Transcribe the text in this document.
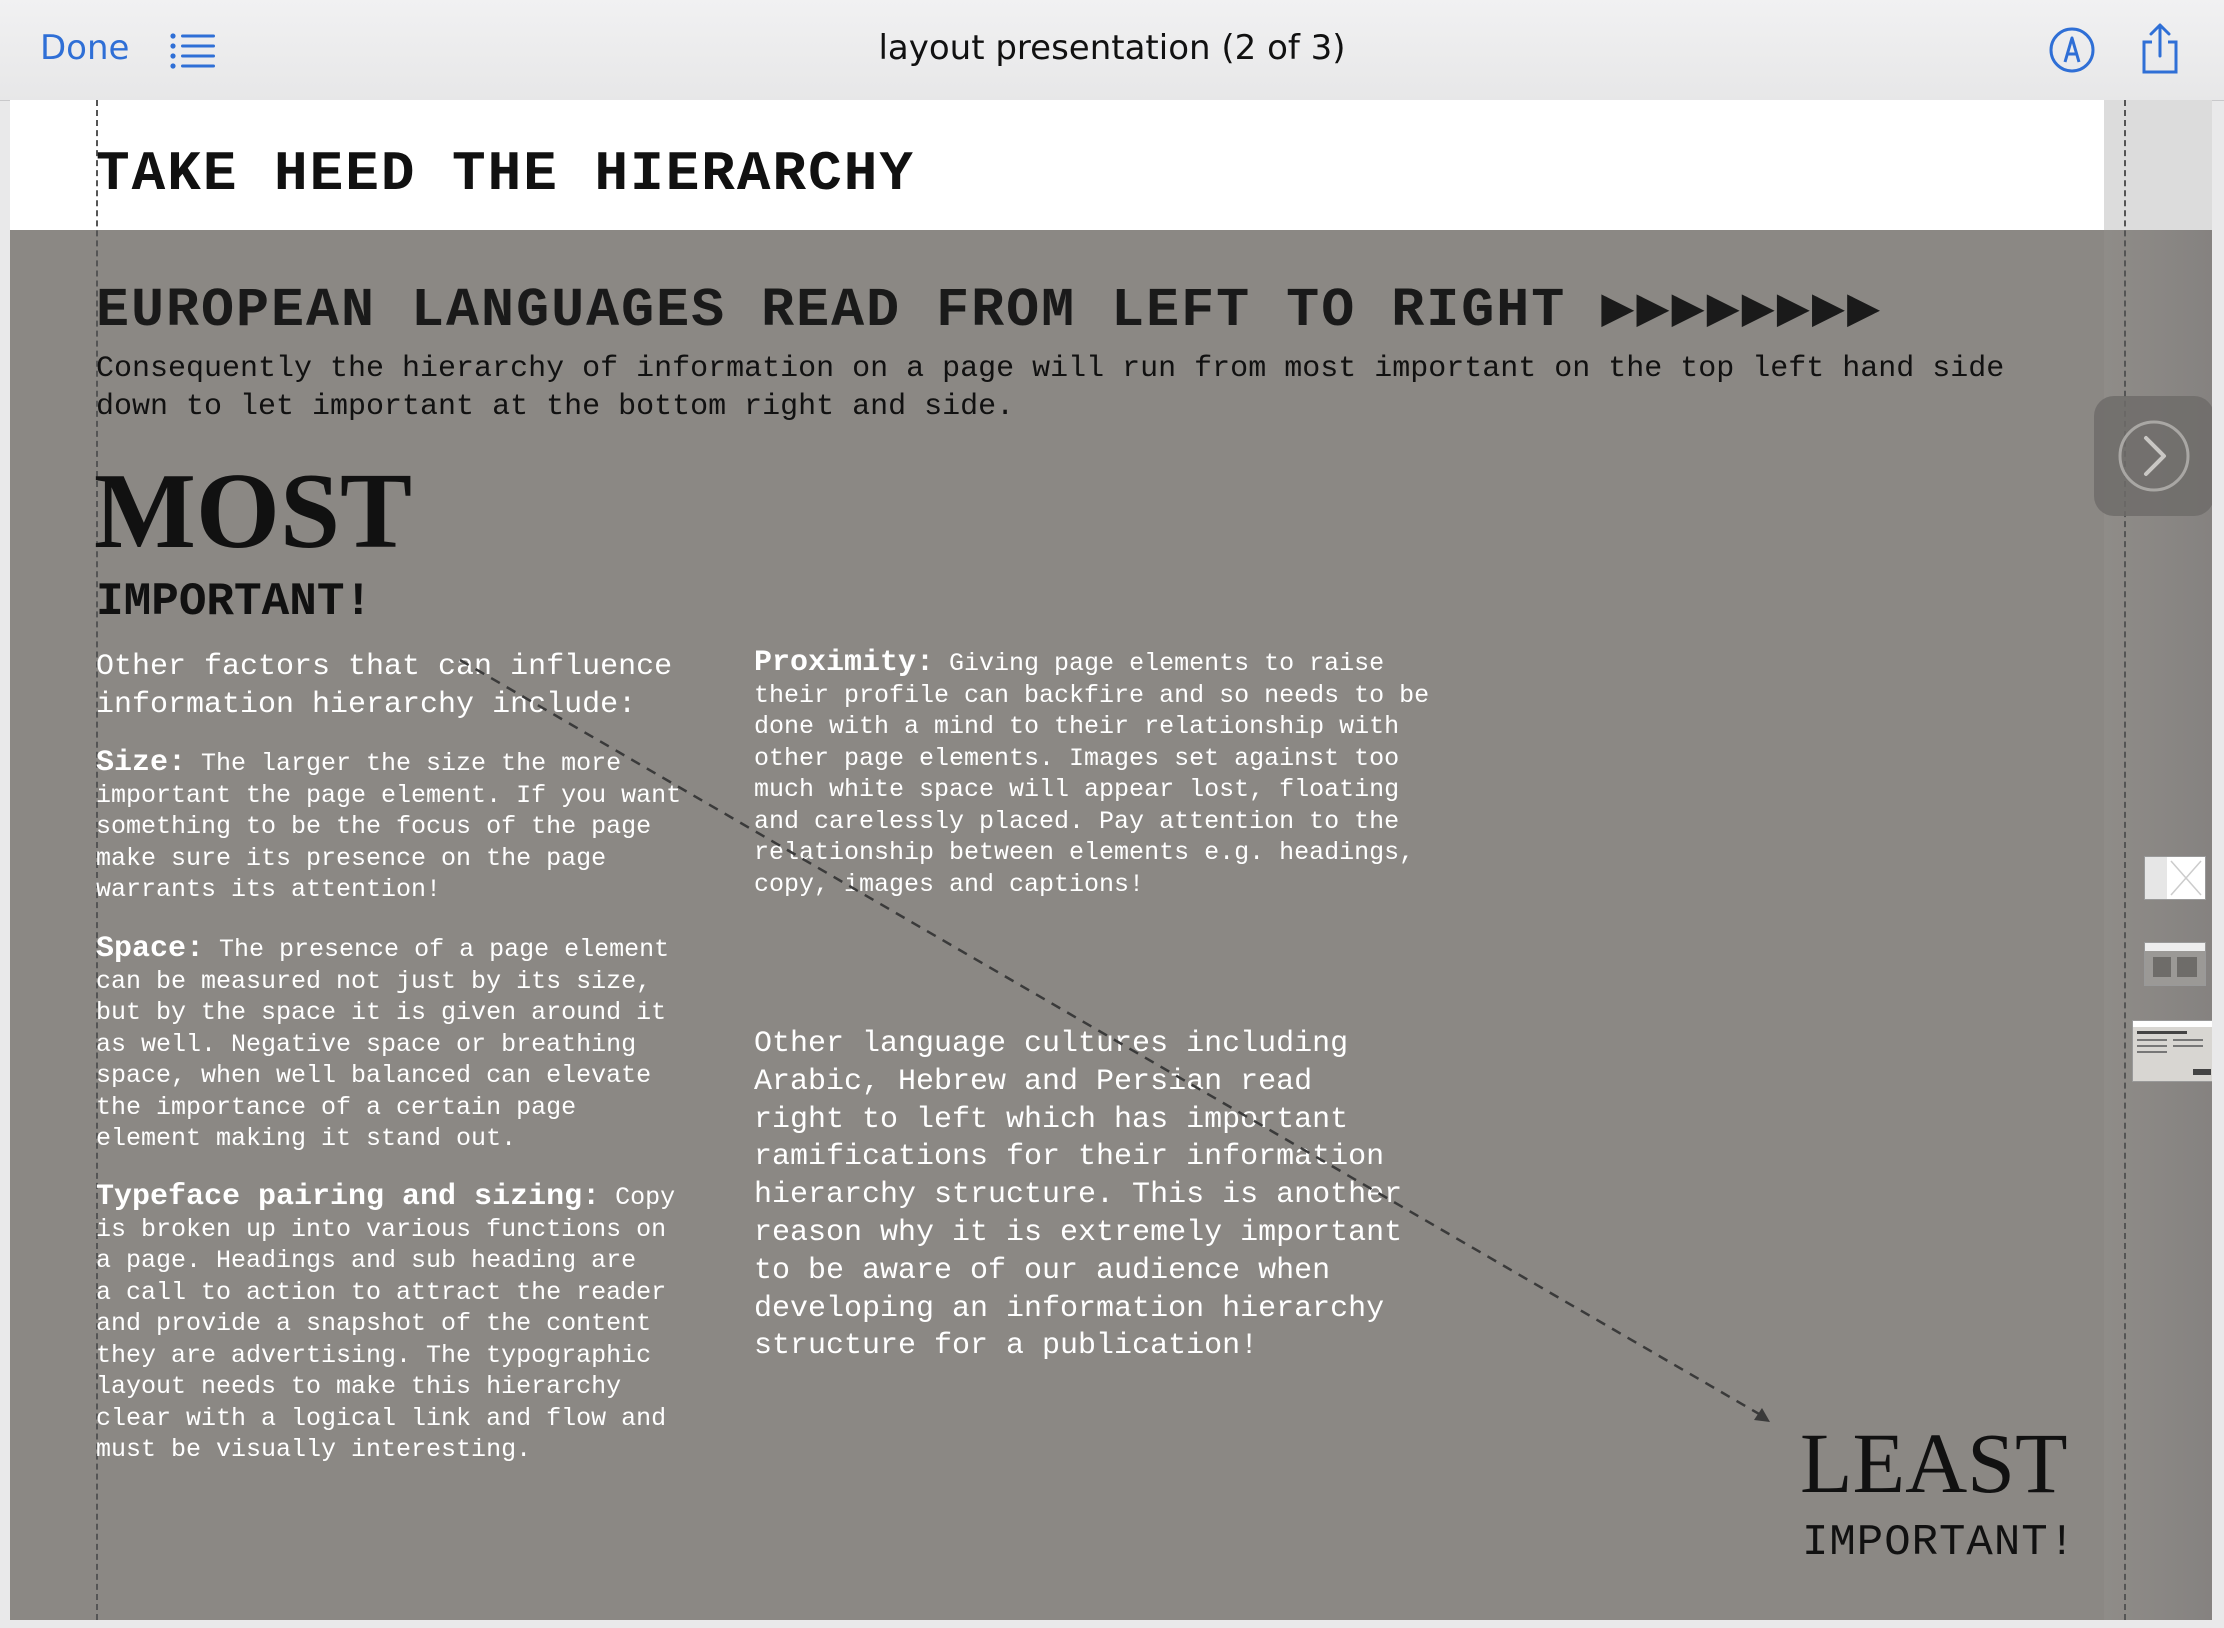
Done	layout presentation (2 of 3)
TAKE HEED THE HIERARCHY
EUROPEAN LANGUAGES READ FROM LEFT TO RIGHT ▶▶▶▶▶▶▶▶
Consequently the hierarchy of information on a page will run from most important on the top left hand side
down to let important at the bottom right and side.
MOST
IMPORTANT!
Other factors that can influence
information hierarchy include:
Size: The larger the size the more
important the page element. If you want
something to be the focus of the page
make sure its presence on the page
warrants its attention!
Space: The presence of a page element
can be measured not just by its size,
but by the space it is given around it
as well. Negative space or breathing
space, when well balanced can elevate
the importance of a certain page
element making it stand out.
Typeface pairing and sizing: Copy
is broken up into various functions on
a page. Headings and sub heading are
a call to action to attract the reader
and provide a snapshot of the content
they are advertising. The typographic
layout needs to make this hierarchy
clear with a logical link and flow and
must be visually interesting.
Proximity: Giving page elements to raise
their profile can backfire and so needs to be
done with a mind to their relationship with
other page elements. Images set against too
much white space will appear lost, floating
and carelessly placed. Pay attention to the
relationship between elements e.g. headings,
copy, images and captions!
Other language cultures including
Arabic, Hebrew and Persian read
right to left which has important
ramifications for their information
hierarchy structure. This is another
reason why it is extremely important
to be aware of our audience when
developing an information hierarchy
structure for a publication!
LEAST
IMPORTANT!
